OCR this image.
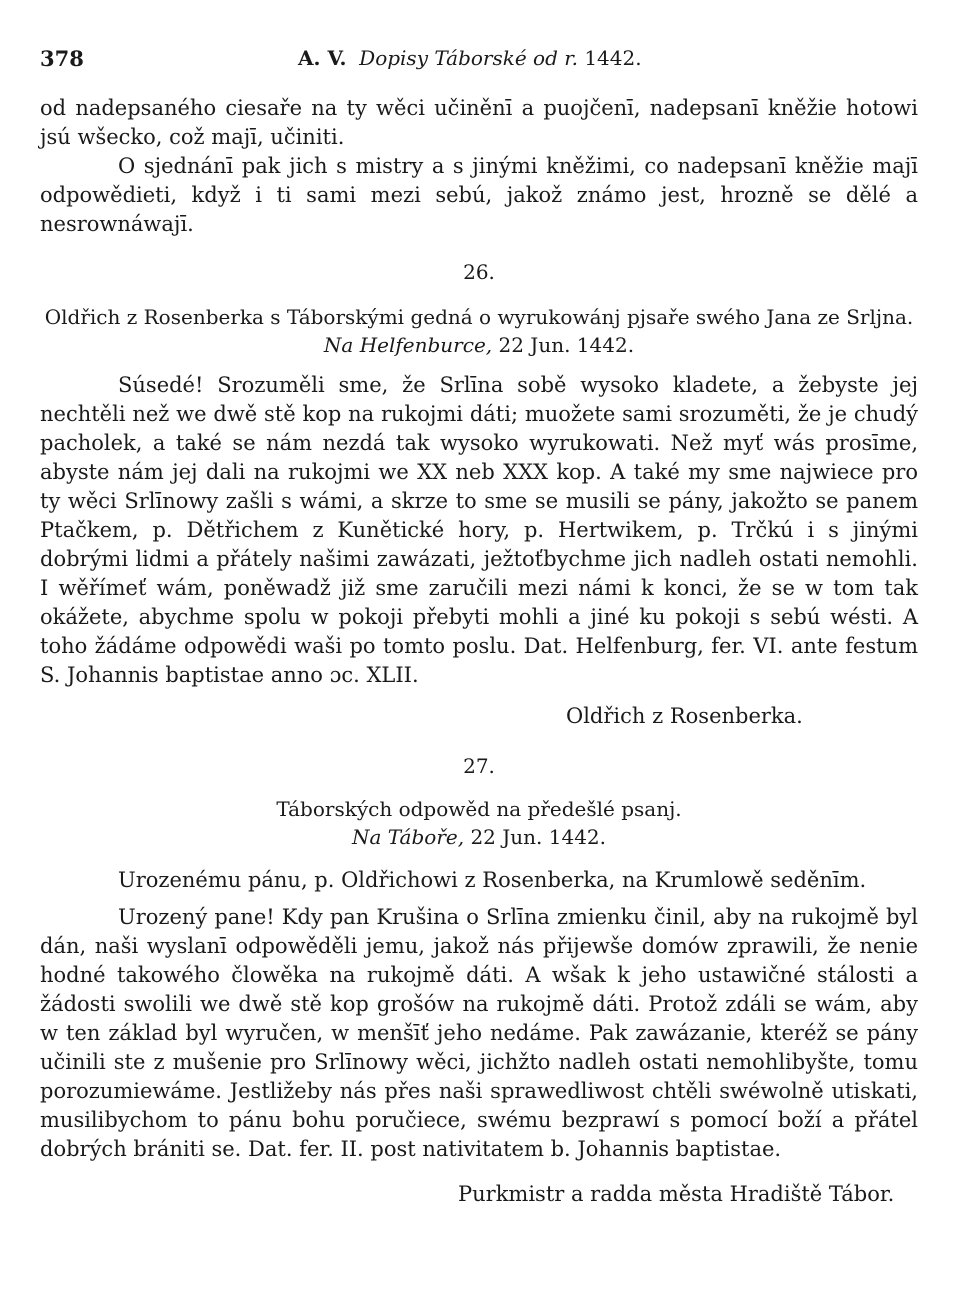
378	A. V. Dopisy Táborské od r. 1442.

od nadepsaného ciesaře na ty wěci učiněnī a puojčenī, nadepsanī kněžie hotowi jsú wšecko, což majī, učiniti.

O sjednánī pak jich s mistry a s jinými kněžimi, co nadepsanī kněžie majī odpowědieti, když i ti sami mezi sebú, jakož známo jest, hrozně se dělé a nesrownáwajī.

26.

Oldřich z Rosenberka s Táborskými gedná o wyrukowánj pjsaře swého Jana ze Srljna.

Na Helfenburce, 22 Jun. 1442.

Súsedé! Srozuměli sme, že Srlīna sobě wysoko kladete, a žebyste jej nechtěli než we dwě stě kop na rukojmi dáti; muožete sami srozuměti, že je chudý pacholek, a také se nám nezdá tak wysoko wyrukowati. Než myť wás prosīme, abyste nám jej dali na rukojmi we XX neb XXX kop. A také my sme najwiece pro ty wěci Srlīnowy zašli s wámi, a skrze to sme se musili se pány, jakožto se panem Ptačkem, p. Dětřichem z Kunětické hory, p. Hertwikem, p. Trčkú i s jinými dobrými lidmi a přátely našimi zawázati, ježtoťbychme jich nadleh ostati nemohli. I wěřímeť wám, poněwadž již sme zaručili mezi námi k konci, že se w tom tak okážete, abychme spolu w pokoji přebyti mohli a jiné ku pokoji s sebú wésti. A toho žádáme odpowědi waši po tomto poslu. Dat. Helfenburg, fer. VI. ante festum S. Johannis baptistae anno ɔc. XLII.

Oldřich z Rosenberka.

27.

Táborských odpowěd na předešlé psanj.

Na Táboře, 22 Jun. 1442.

Urozenému pánu, p. Oldřichowi z Rosenberka, na Krumlowě seděnīm.

Urozený pane! Kdy pan Krušina o Srlīna zmienku činil, aby na rukojmě byl dán, naši wyslanī odpowěděli jemu, jakož nás přijewše domów zprawili, že nenie hodné takowého člowěka na rukojmě dáti. A wšak k jeho ustawičné stálosti a žádosti swolili we dwě stě kop grošów na rukojmě dáti. Protož zdáli se wám, aby w ten základ byl wyručen, w menšīť jeho nedáme. Pak zawázanie, kteréž se pány učinili ste z mušenie pro Srlīnowy wěci, jichžto nadleh ostati nemohlibyšte, tomu porozumiewáme. Jestližeby nás přes naši sprawedliwost chtěli swéwolně utiskati, musilibychom to pánu bohu poručiece, swému bezprawí s pomocí boží a přátel dobrých brániti se. Dat. fer. II. post nativitatem b. Johannis baptistae.

Purkmistr a radda města Hradiště Tábor.
